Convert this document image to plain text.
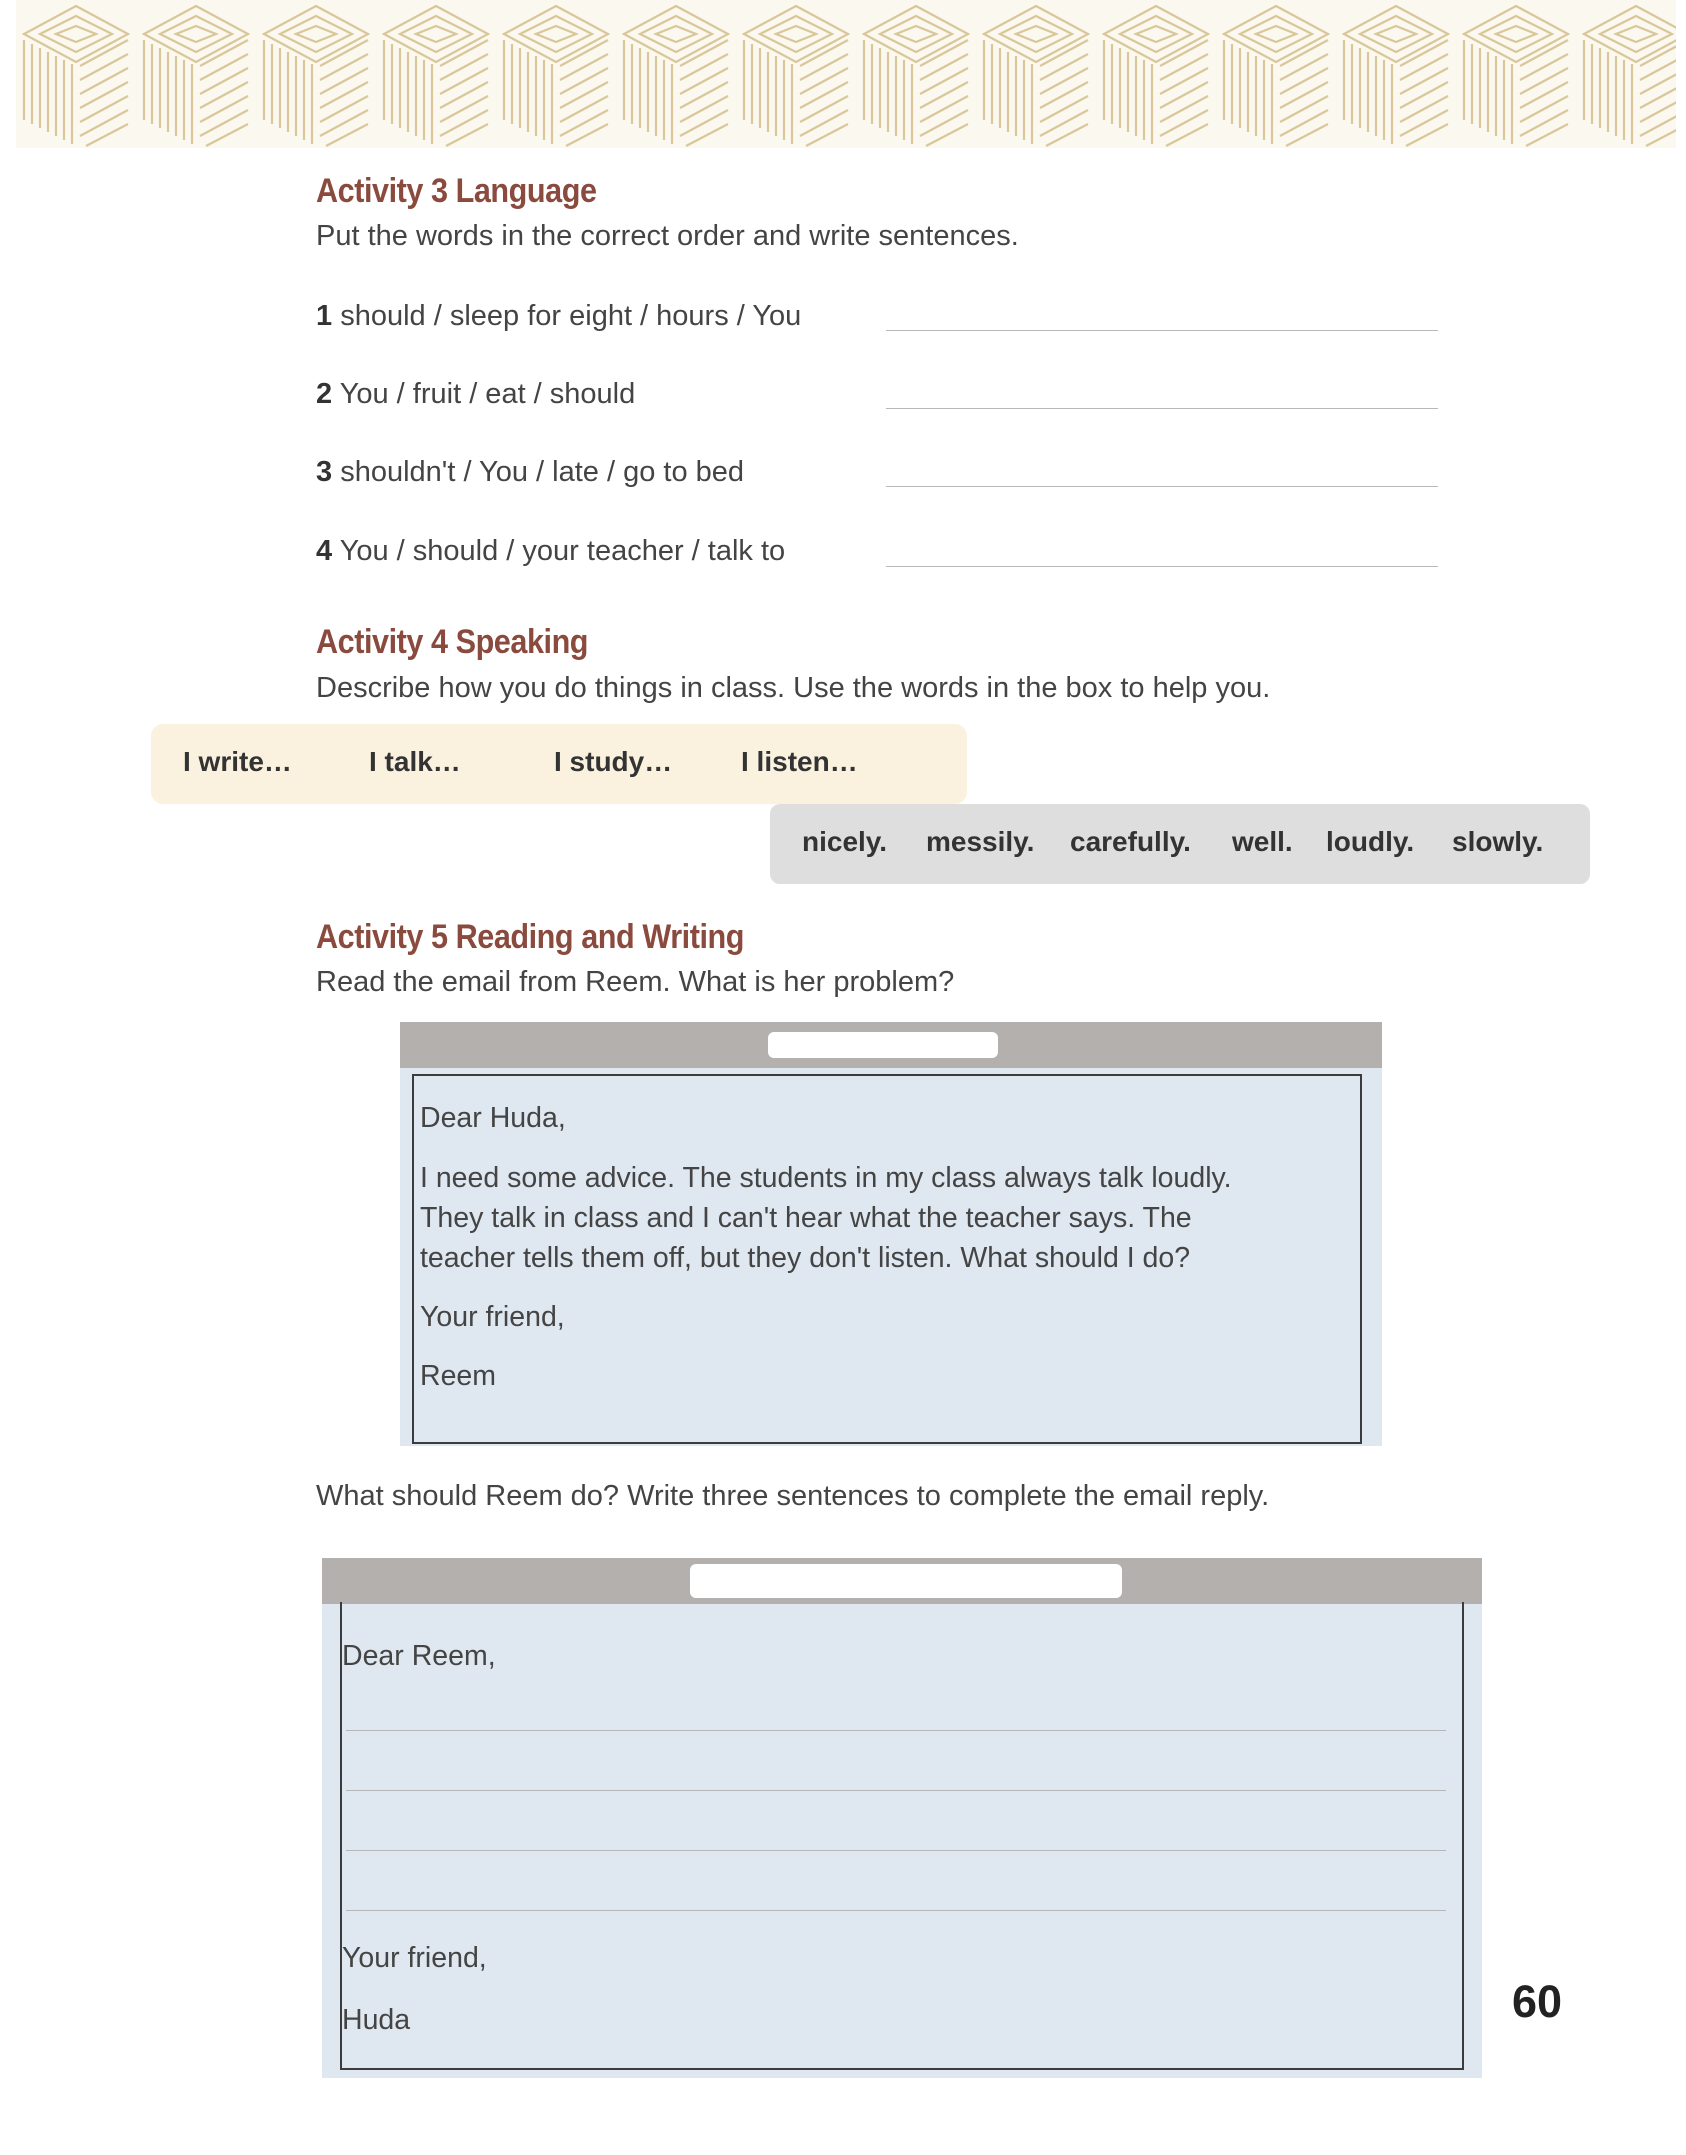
Activity 3 Language
Put the words in the correct order and write sentences.
1 should / sleep for eight / hours / You
2 You / fruit / eat / should
3 shouldn't / You / late / go to bed
4 You / should / your teacher / talk to
Activity 4 Speaking
Describe how you do things in class. Use the words in the box to help you.
I write…	I talk…	I study… I listen…
nicely. messily. carefully. well. loudly. slowly.
Activity 5 Reading and Writing
Read the email from Reem. What is her problem?
Dear Huda,
I need some advice. The students in my class always talk loudly.
They talk in class and I can't hear what the teacher says. The
teacher tells them off, but they don't listen. What should I do?
Your friend,
Reem
What should Reem do? Write three sentences to complete the email reply.
Dear Reem,
Your friend,
Huda	60
